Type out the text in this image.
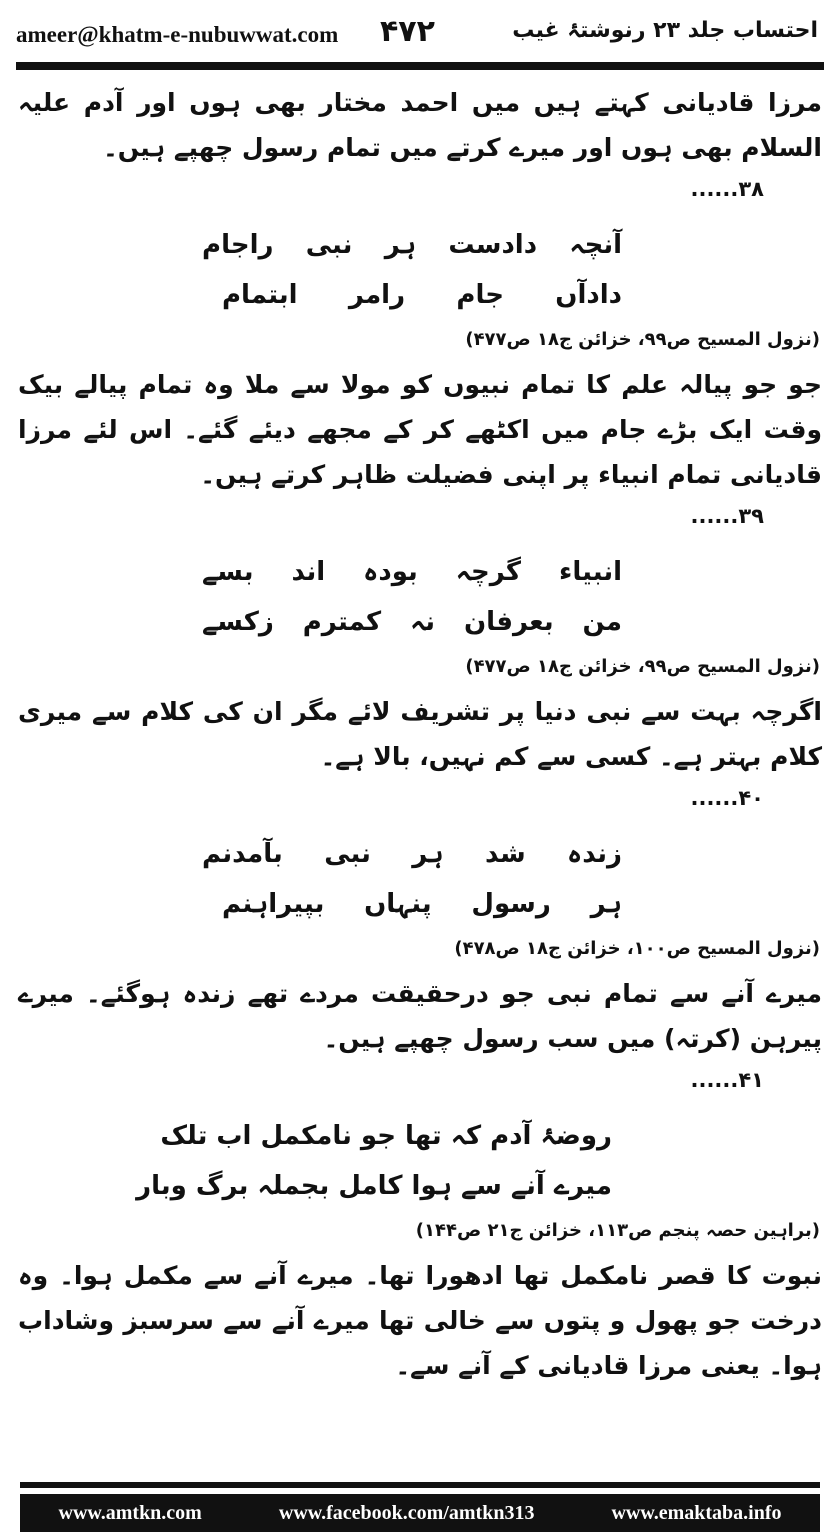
ameer@khatm-e-nubuwwat.com ۴۷۲	احتساب جلد ۲۳ رنوشتۂ غیب

مرزا قادیانی کہتے ہیں میں احمد مختار بھی ہوں اور آدم علیہ السلام بھی ہوں اور میرے کرتے میں تمام رسول چھپے ہیں۔

۳۸......
آنچہ
دادست
ہر
نبی
راجام
دادآں
جام
رامر
ابتمام
(نزول المسیح ص۹۹، خزائن ج۱۸ ص۴۷۷)

جو جو پیالہ علم کا تمام نبیوں کو مولا سے ملا وہ تمام پیالے بیک وقت ایک بڑے جام میں اکٹھے کر کے مجھے دیئے گئے۔ اس لئے مرزا قادیانی تمام انبیاء پر اپنی فضیلت ظاہر کرتے ہیں۔

۳۹......
انبیاء
گرچہ
بودہ
اند
بسے
من
بعرفان
نہ
کمترم
زکسے
(نزول المسیح ص۹۹، خزائن ج۱۸ ص۴۷۷)

اگرچہ بہت سے نبی دنیا پر تشریف لائے مگر ان کی کلام سے میری کلام بہتر ہے۔ کسی سے کم نہیں، بالا ہے۔

۴۰......
زندہ
شد
ہر
نبی
بآمدنم
ہر
رسول
پنہاں
بپیراہنم
(نزول المسیح ص۱۰۰، خزائن ج۱۸ ص۴۷۸)

میرے آنے سے تمام نبی جو درحقیقت مردے تھے زندہ ہوگئے۔ میرے پیرہن (کرتہ) میں سب رسول چھپے ہیں۔

۴۱......
روضۂ آدم کہ تھا جو نامکمل اب تلک
میرے آنے سے ہوا کامل بجملہ برگ وبار
(براہین حصہ پنجم ص۱۱۳، خزائن ج۲۱ ص۱۴۴)

نبوت کا قصر نامکمل تھا ادھورا تھا۔ میرے آنے سے مکمل ہوا۔ وہ درخت جو پھول و پتوں سے خالی تھا میرے آنے سے سرسبز وشاداب ہوا۔ یعنی مرزا قادیانی کے آنے سے۔

www.amtkn.com	www.facebook.com/amtkn313	www.emaktaba.info
